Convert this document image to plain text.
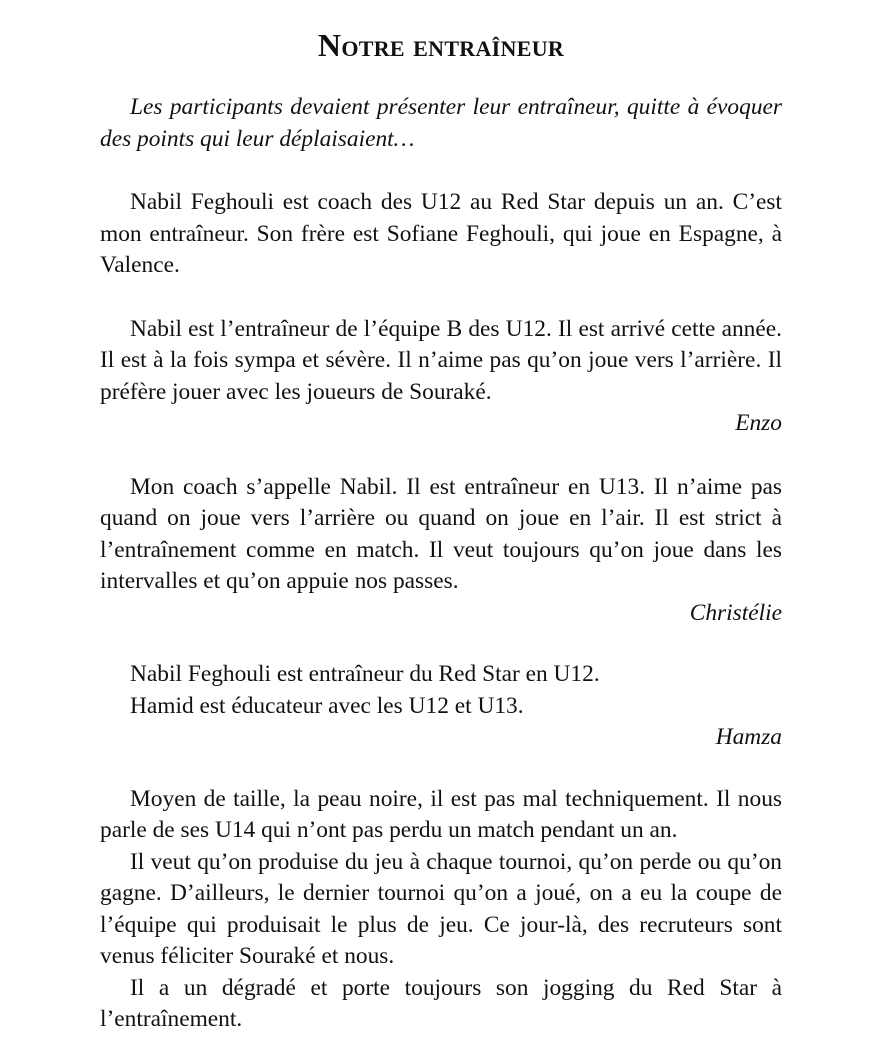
Notre entraîneur

Les participants devaient présenter leur entraîneur, quitte à évoquer des points qui leur déplaisaient…

Nabil Feghouli est coach des U12 au Red Star depuis un an. C’est mon entraîneur. Son frère est Sofiane Feghouli, qui joue en Espagne, à Valence.

Nabil est l’entraîneur de l’équipe B des U12. Il est arrivé cette année. Il est à la fois sympa et sévère. Il n’aime pas qu’on joue vers l’arrière. Il préfère jouer avec les joueurs de Souraké.

Enzo

Mon coach s’appelle Nabil. Il est entraîneur en U13. Il n’aime pas quand on joue vers l’arrière ou quand on joue en l’air. Il est strict à l’entraînement comme en match. Il veut toujours qu’on joue dans les intervalles et qu’on appuie nos passes.

Christélie

Nabil Feghouli est entraîneur du Red Star en U12.

Hamid est éducateur avec les U12 et U13.

Hamza

Moyen de taille, la peau noire, il est pas mal techniquement. Il nous parle de ses U14 qui n’ont pas perdu un match pendant un an.

Il veut qu’on produise du jeu à chaque tournoi, qu’on perde ou qu’on gagne. D’ailleurs, le dernier tournoi qu’on a joué, on a eu la coupe de l’équipe qui produisait le plus de jeu. Ce jour-là, des recruteurs sont venus féliciter Souraké et nous.

Il a un dégradé et porte toujours son jogging du Red Star à l’entraînement.
